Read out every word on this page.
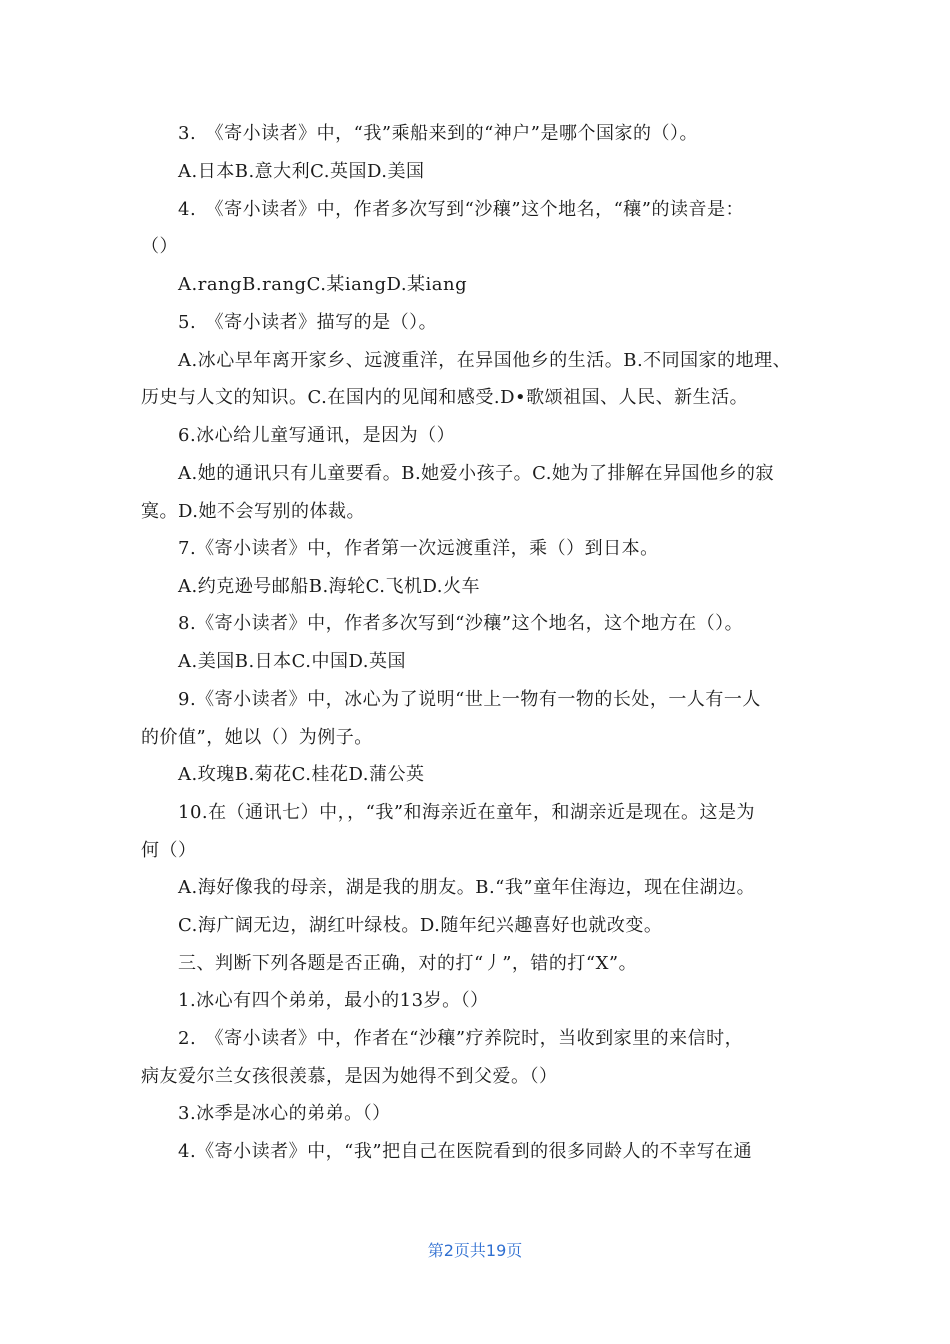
3.　《寄小读者》中，“我”乘船来到的“神户”是哪个国家的（）。
A.日本B.意大利C.英国D.美国
4.　《寄小读者》中，作者多次写到“沙穰”这个地名，“穰”的读音是：
（）
A.rangB.rangC.某iangD.某iang
5.　《寄小读者》描写的是（）。
A.冰心早年离开家乡、远渡重洋，在异国他乡的生活。B.不同国家的地理、
历史与人文的知识。C.在国内的见闻和感受.D•歌颂祖国、人民、新生活。
6.冰心给儿童写通讯，是因为（）
A.她的通讯只有儿童要看。B.她爱小孩子。C.她为了排解在异国他乡的寂
寞。D.她不会写别的体裁。
7.《寄小读者》中，作者第一次远渡重洋，乘（）到日本。
A.约克逊号邮船B.海轮C.飞机D.火车
8.《寄小读者》中，作者多次写到“沙穰”这个地名，这个地方在（）。
A.美国B.日本C.中国D.英国
9.《寄小读者》中，冰心为了说明“世上一物有一物的长处，一人有一人
的价值”，她以（）为例子。
A.玫瑰B.菊花C.桂花D.蒲公英
10.在（通讯七）中，，“我”和海亲近在童年，和湖亲近是现在。这是为
何（）
A.海好像我的母亲，湖是我的朋友。B.“我”童年住海边，现在住湖边。
C.海广阔无边，湖红叶绿枝。D.随年纪兴趣喜好也就改变。
三、判断下列各题是否正确，对的打“丿”，错的打“X”。
1.冰心有四个弟弟，最小的13岁。（）
2.　《寄小读者》中，作者在“沙穰”疗养院时，当收到家里的来信时，
病友爱尔兰女孩很羡慕，是因为她得不到父爱。（）
3.冰季是冰心的弟弟。（）
4.《寄小读者》中，“我”把自己在医院看到的很多同龄人的不幸写在通
第2页共19页
